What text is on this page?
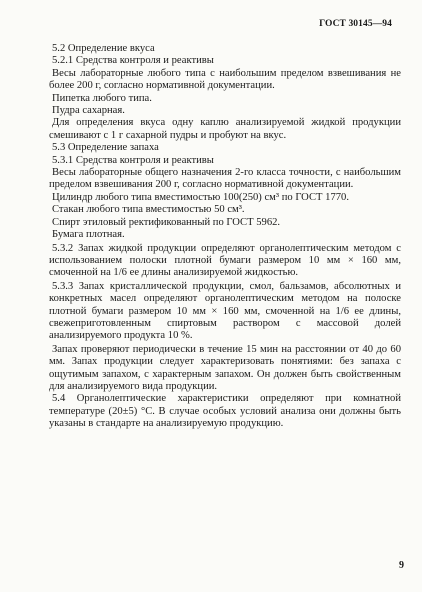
ГОСТ 30145—94

5.2 Определение вкуса

5.2.1 Средства контроля и реактивы

Весы лабораторные любого типа с наибольшим пределом взвешивания не более 200 г, согласно нормативной документации.

Пипетка любого типа.

Пудра сахарная.

Для определения вкуса одну каплю анализируемой жидкой продукции смешивают с 1 г сахарной пудры и пробуют на вкус.

5.3 Определение запаха

5.3.1 Средства контроля и реактивы

Весы лабораторные общего назначения 2-го класса точности, с наибольшим пределом взвешивания 200 г, согласно нормативной документации.

Цилиндр любого типа вместимостью 100(250) см³ по ГОСТ 1770.

Стакан любого типа вместимостью 50 см³.

Спирт этиловый ректификованный по ГОСТ 5962.

Бумага плотная.

5.3.2 Запах жидкой продукции определяют органолептическим методом с использованием полоски плотной бумаги размером 10 мм × 160 мм, смоченной на 1/6 ее длины анализируемой жидкостью.

5.3.3 Запах кристаллической продукции, смол, бальзамов, абсолютных и конкретных масел определяют органолептическим методом на полоске плотной бумаги размером 10 мм × 160 мм, смоченной на 1/6 ее длины, свежеприготовленным спиртовым раствором с массовой долей анализируемого продукта 10 %.

Запах проверяют периодически в течение 15 мин на расстоянии от 40 до 60 мм. Запах продукции следует характеризовать понятиями: без запаха с ощутимым запахом, с характерным запахом. Он должен быть свойственным для анализируемого вида продукции.

5.4 Органолептические характеристики определяют при комнатной температуре (20±5) °С. В случае особых условий анализа они должны быть указаны в стандарте на анализируемую продукцию.

9
